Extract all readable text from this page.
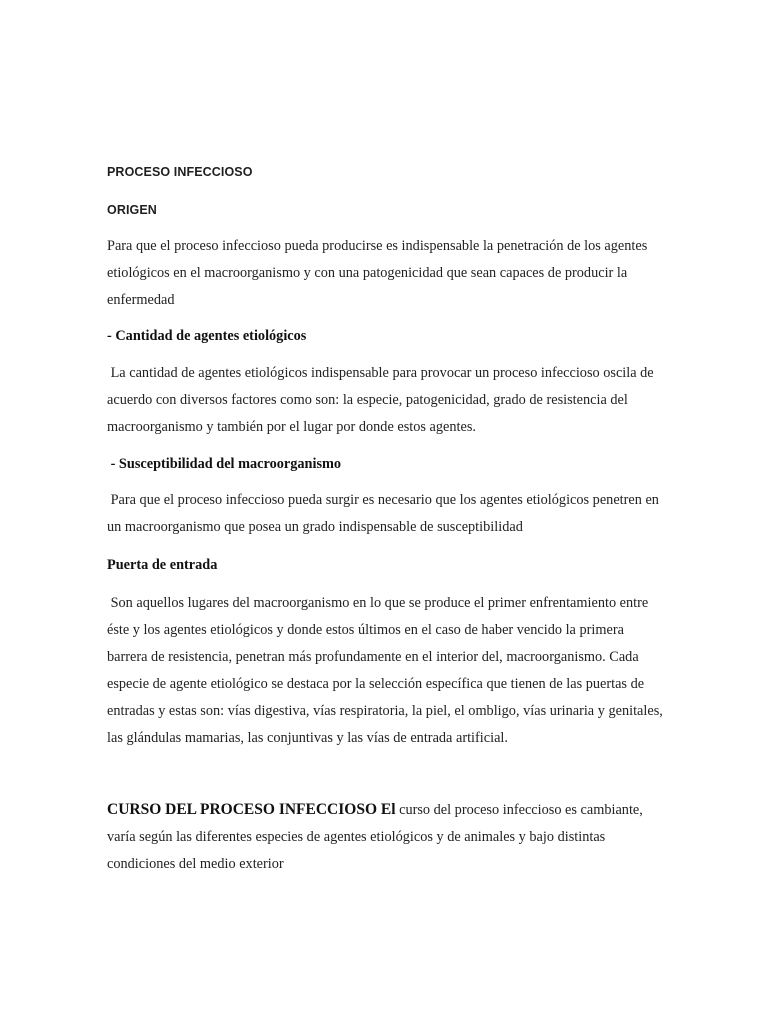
PROCESO INFECCIOSO
ORIGEN

Para que el proceso infeccioso pueda producirse es indispensable la penetración de los agentes etiológicos en el macroorganismo y con una patogenicidad que sean capaces de producir la enfermedad

- Cantidad de agentes etiológicos

La cantidad de agentes etiológicos indispensable para provocar un proceso infeccioso oscila de acuerdo con diversos factores como son: la especie, patogenicidad, grado de resistencia del macroorganismo y también por el lugar por donde estos agentes.

- Susceptibilidad del macroorganismo

Para que el proceso infeccioso pueda surgir es necesario que los agentes etiológicos penetren en un macroorganismo que posea un grado indispensable de susceptibilidad

Puerta de entrada

Son aquellos lugares del macroorganismo en lo que se produce el primer enfrentamiento entre éste y los agentes etiológicos y donde estos últimos en el caso de haber vencido la primera barrera de resistencia, penetran más profundamente en el interior del, macroorganismo. Cada especie de agente etiológico se destaca por la selección específica que tienen de las puertas de entradas y estas son: vías digestiva, vías respiratoria, la piel, el ombligo, vías urinaria y genitales, las glándulas mamarias, las conjuntivas y las vías de entrada artificial.

CURSO DEL PROCESO INFECCIOSO El curso del proceso infeccioso es cambiante, varía según las diferentes especies de agentes etiológicos y de animales y bajo distintas condiciones del medio exterior
